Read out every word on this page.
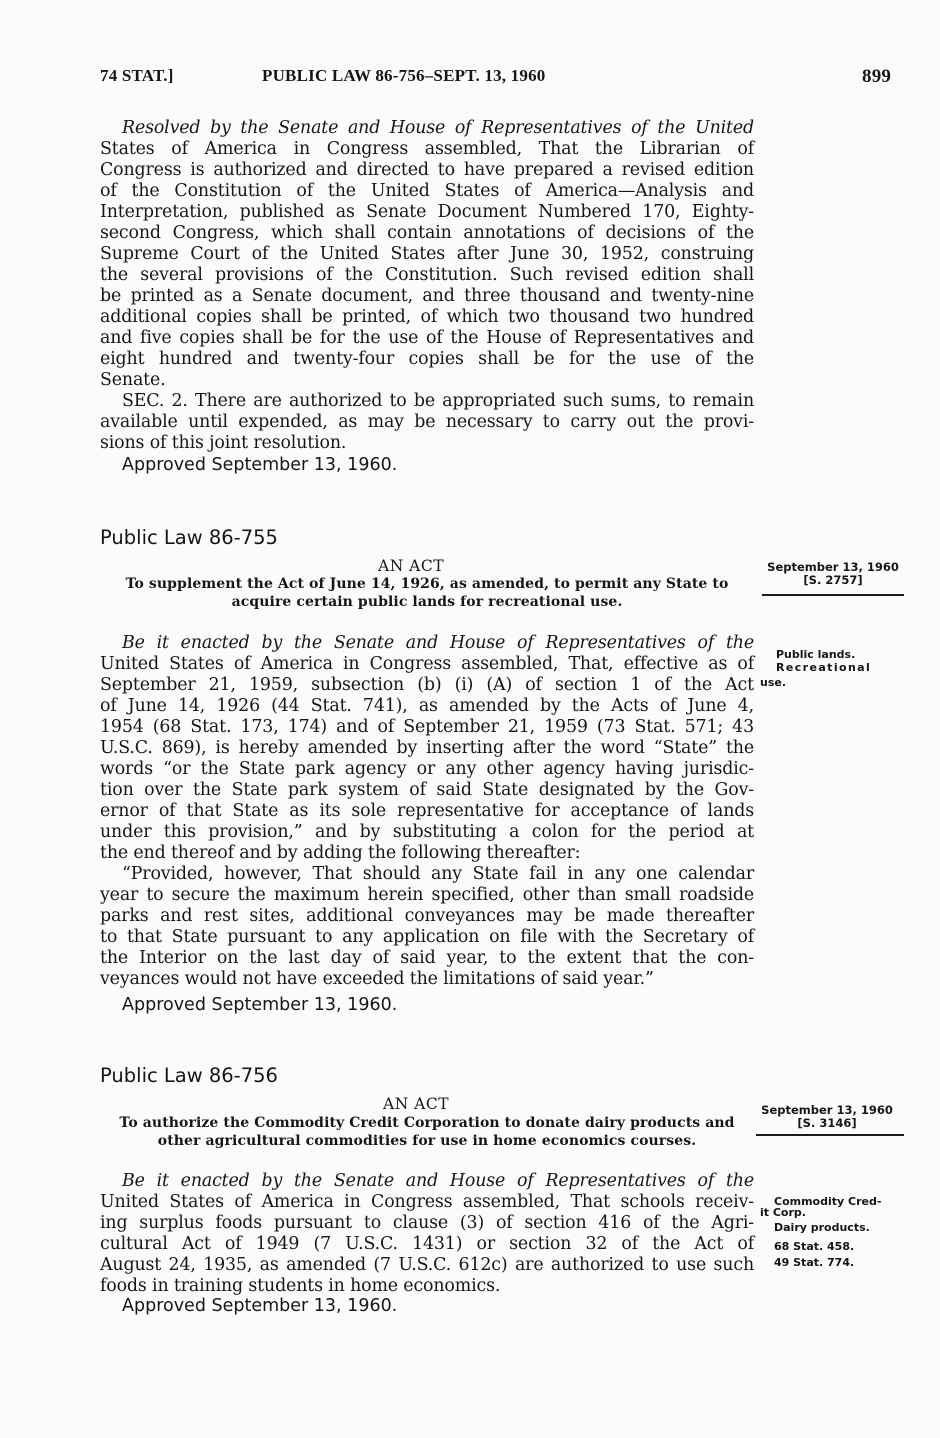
74 STAT.]	PUBLIC LAW 86-756–SEPT. 13, 1960	899
Resolved by the Senate and House of Representatives of the United
States of America in Congress assembled, That the Librarian of
Congress is authorized and directed to have prepared a revised edition
of the Constitution of the United States of America—Analysis and
Interpretation, published as Senate Document Numbered 170, Eighty-
second Congress, which shall contain annotations of decisions of the
Supreme Court of the United States after June 30, 1952, construing
the several provisions of the Constitution. Such revised edition shall
be printed as a Senate document, and three thousand and twenty-nine
additional copies shall be printed, of which two thousand two hundred
and five copies shall be for the use of the House of Representatives and
eight hundred and twenty-four copies shall be for the use of the
Senate.
SEC. 2. There are authorized to be appropriated such sums, to remain
available until expended, as may be necessary to carry out the provi-
sions of this joint resolution.
Approved September 13, 1960.
Public Law 86-755
AN ACT
To supplement the Act of June 14, 1926, as amended, to permit any State to
acquire certain public lands for recreational use.
September 13, 1960
[S. 2757]
Public lands.
Recreational
use.
Be it enacted by the Senate and House of Representatives of the
United States of America in Congress assembled, That, effective as of
September 21, 1959, subsection (b) (i) (A) of section 1 of the Act
of June 14, 1926 (44 Stat. 741), as amended by the Acts of June 4,
1954 (68 Stat. 173, 174) and of September 21, 1959 (73 Stat. 571; 43
U.S.C. 869), is hereby amended by inserting after the word “State” the
words “or the State park agency or any other agency having jurisdic-
tion over the State park system of said State designated by the Gov-
ernor of that State as its sole representative for acceptance of lands
under this provision,” and by substituting a colon for the period at
the end thereof and by adding the following thereafter:
“Provided, however, That should any State fail in any one calendar
year to secure the maximum herein specified, other than small roadside
parks and rest sites, additional conveyances may be made thereafter
to that State pursuant to any application on file with the Secretary of
the Interior on the last day of said year, to the extent that the con-
veyances would not have exceeded the limitations of said year.”
Approved September 13, 1960.
Public Law 86-756
AN ACT
To authorize the Commodity Credit Corporation to donate dairy products and
other agricultural commodities for use in home economics courses.
September 13, 1960
[S. 3146]
Be it enacted by the Senate and House of Representatives of the
United States of America in Congress assembled, That schools receiv-
ing surplus foods pursuant to clause (3) of section 416 of the Agri-
cultural Act of 1949 (7 U.S.C. 1431) or section 32 of the Act of
August 24, 1935, as amended (7 U.S.C. 612c) are authorized to use such
foods in training students in home economics.
Approved September 13, 1960.
Commodity Cred-
it Corp.
Dairy products.
68 Stat. 458.
49 Stat. 774.
